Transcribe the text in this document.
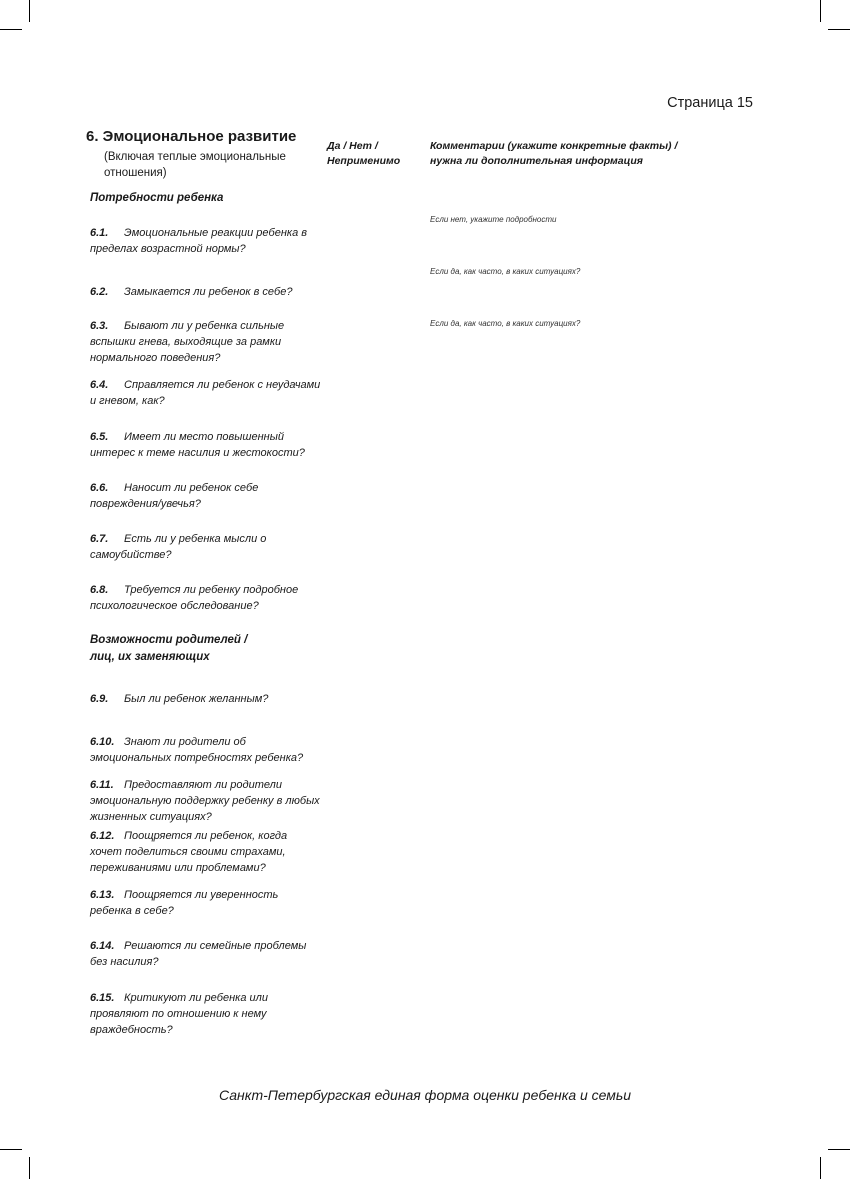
Страница 15
6. Эмоциональное развитие
(Включая теплые эмоциональные отношения)
Да / Нет / Неприменимо
Комментарии (укажите конкретные факты) / нужна ли дополнительная информация
Потребности ребенка
Возможности родителей / лиц, их заменяющих
Если нет, укажите подробности
Если да, как часто, в каких ситуациях?
Если да, как часто, в каких ситуациях?
6.1. Эмоциональные реакции ребенка в пределах возрастной нормы?
6.2. Замыкается ли ребенок в себе?
6.3. Бывают ли у ребенка сильные вспышки гнева, выходящие за рамки нормального поведения?
6.4. Справляется ли ребенок с неудачами и гневом, как?
6.5. Имеет ли место повышенный интерес к теме насилия и жестокости?
6.6. Наносит ли ребенок себе повреждения/увечья?
6.7. Есть ли у ребенка мысли о самоубийстве?
6.8. Требуется ли ребенку подробное психологическое обследование?
6.9. Был ли ребенок желанным?
6.10. Знают ли родители об эмоциональных потребностях ребенка?
6.11. Предоставляют ли родители эмоциональную поддержку ребенку в любых жизненных ситуациях?
6.12. Поощряется ли ребенок, когда хочет поделиться своими страхами, переживаниями или проблемами?
6.13. Поощряется ли уверенность ребенка в себе?
6.14. Решаются ли семейные проблемы без насилия?
6.15. Критикуют ли ребенка или проявляют по отношению к нему враждебность?
Санкт-Петербургская единая форма оценки ребенка и семьи
